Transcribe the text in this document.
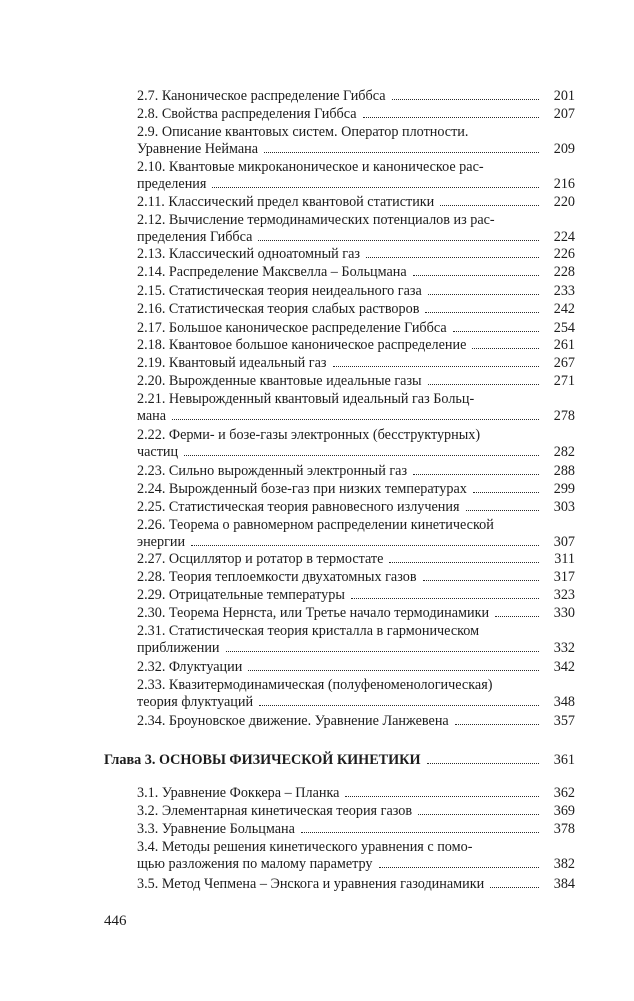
2.7. Каноническое распределение Гиббса	201
2.8. Свойства распределения Гиббса	207
2.9. Описание квантовых систем. Оператор плотности.
Уравнение Неймана	209
2.10. Квантовые микроканоническое и каноническое рас-
пределения	216
2.11. Классический предел квантовой статистики	220
2.12. Вычисление термодинамических потенциалов из рас-
пределения Гиббса	224
2.13. Классический одноатомный газ	226
2.14. Распределение Максвелла – Больцмана	228
2.15. Статистическая теория неидеального газа	233
2.16. Статистическая теория слабых растворов	242
2.17. Большое каноническое распределение Гиббса	254
2.18. Квантовое большое каноническое распределение	261
2.19. Квантовый идеальный газ	267
2.20. Вырожденные квантовые идеальные газы	271
2.21. Невырожденный квантовый идеальный газ Больц-
мана	278
2.22. Ферми- и бозе-газы электронных (бесструктурных)
частиц	282
2.23. Сильно вырожденный электронный газ	288
2.24. Вырожденный бозе-газ при низких температурах	299
2.25. Статистическая теория равновесного излучения	303
2.26. Теорема о равномерном распределении кинетической
энергии	307
2.27. Осциллятор и ротатор в термостате	311
2.28. Теория теплоемкости двухатомных газов	317
2.29. Отрицательные температуры	323
2.30. Теорема Нернста, или Третье начало термодинамики	330
2.31. Статистическая теория кристалла в гармоническом
приближении	332
2.32. Флуктуации	342
2.33. Квазитермодинамическая (полуфеноменологическая)
теория флуктуаций	348
2.34. Броуновское движение. Уравнение Ланжевена	357
Глава 3. ОСНОВЫ ФИЗИЧЕСКОЙ КИНЕТИКИ	361
3.1. Уравнение Фоккера – Планка	362
3.2. Элементарная кинетическая теория газов	369
3.3. Уравнение Больцмана	378
3.4. Методы решения кинетического уравнения с помо-
щью разложения по малому параметру	382
3.5. Метод Чепмена – Энскога и уравнения газодинамики	384
446
